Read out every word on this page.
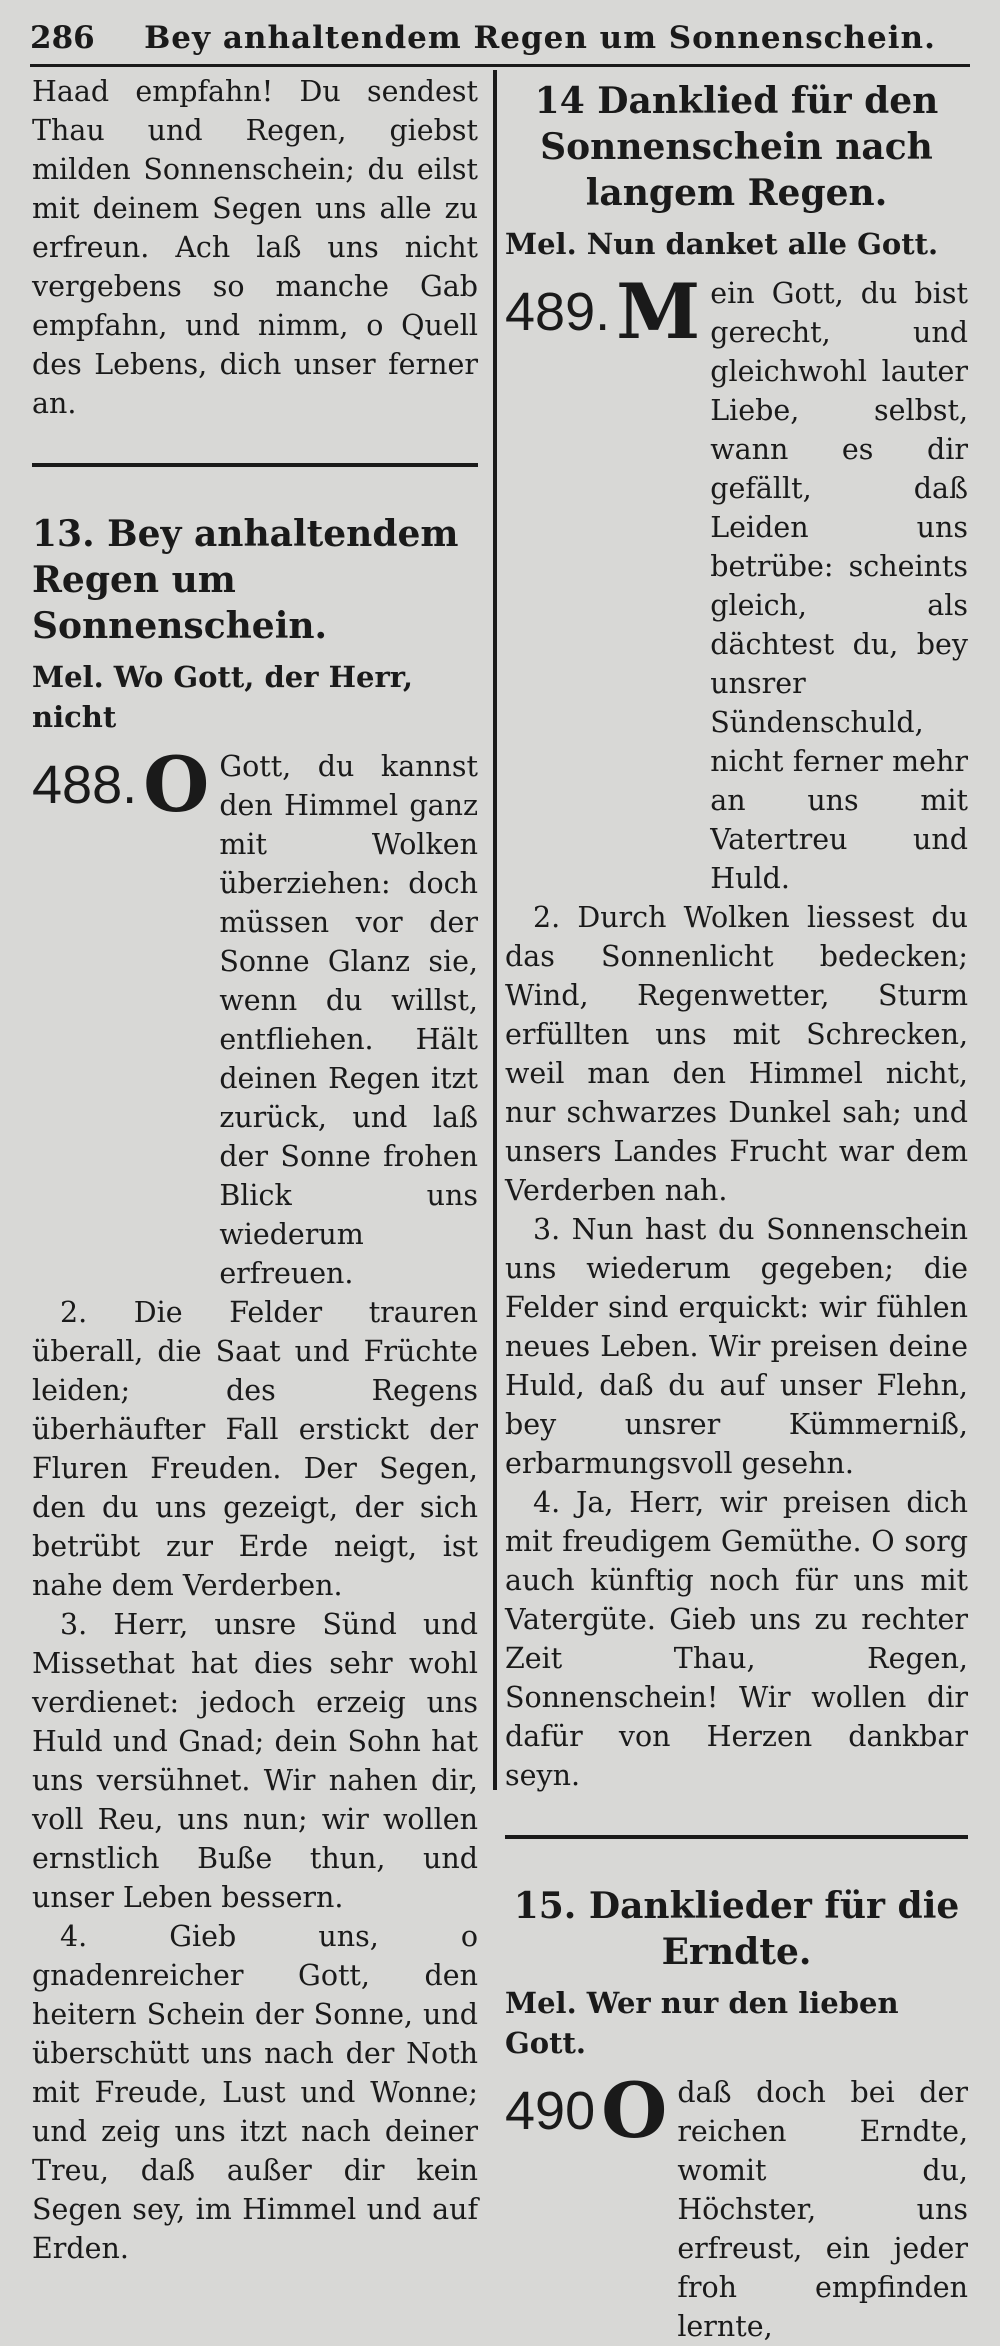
286	Bey anhaltendem Regen um Sonnenschein.

Haad empfahn! Du sendest Thau und Regen, giebst milden Sonnenschein; du eilst mit deinem Segen uns alle zu erfreun. Ach laß uns nicht vergebens so manche Gab empfahn, und nimm, o Quell des Lebens, dich unser ferner an.

13. Bey anhaltendem Regen um Sonnenschein.
Mel. Wo Gott, der Herr, nicht
488. O Gott, du kannst den Himmel ganz mit Wolken überziehen: doch müssen vor der Sonne Glanz sie, wenn du willst, entfliehen. Hält deinen Regen itzt zurück, und laß der Sonne frohen Blick uns wiederum erfreuen.

2. Die Felder trauren überall, die Saat und Früchte leiden; des Regens überhäufter Fall erstickt der Fluren Freuden. Der Segen, den du uns gezeigt, der sich betrübt zur Erde neigt, ist nahe dem Verderben.

3. Herr, unsre Sünd und Missethat hat dies sehr wohl verdienet: jedoch erzeig uns Huld und Gnad; dein Sohn hat uns versühnet. Wir nahen dir, voll Reu, uns nun; wir wollen ernstlich Buße thun, und unser Leben bessern.

4. Gieb uns, o gnadenreicher Gott, den heitern Schein der Sonne, und überschütt uns nach der Noth mit Freude, Lust und Wonne; und zeig uns itzt nach deiner Treu, daß außer dir kein Segen sey, im Himmel und auf Erden.

14 Danklied für den Sonnenschein nach langem Regen.
Mel. Nun danket alle Gott.
489. M ein Gott, du bist gerecht, und gleichwohl lauter Liebe, selbst, wann es dir gefällt, daß Leiden uns betrübe: scheints gleich, als dächtest du, bey unsrer Sündenschuld, nicht ferner mehr an uns mit Vatertreu und Huld.

2. Durch Wolken liessest du das Sonnenlicht bedecken; Wind, Regenwetter, Sturm erfüllten uns mit Schrecken, weil man den Himmel nicht, nur schwarzes Dunkel sah; und unsers Landes Frucht war dem Verderben nah.

3. Nun hast du Sonnenschein uns wiederum gegeben; die Felder sind erquickt: wir fühlen neues Leben. Wir preisen deine Huld, daß du auf unser Flehn, bey unsrer Kümmerniß, erbarmungsvoll gesehn.

4. Ja, Herr, wir preisen dich mit freudigem Gemüthe. O sorg auch künftig noch für uns mit Vatergüte. Gieb uns zu rechter Zeit Thau, Regen, Sonnenschein! Wir wollen dir dafür von Herzen dankbar seyn.

15. Danklieder für die Erndte.
Mel. Wer nur den lieben Gott.
490 O daß doch bei der reichen Erndte, womit du, Höchster, uns erfreust, ein jeder froh empfinden lernte,
